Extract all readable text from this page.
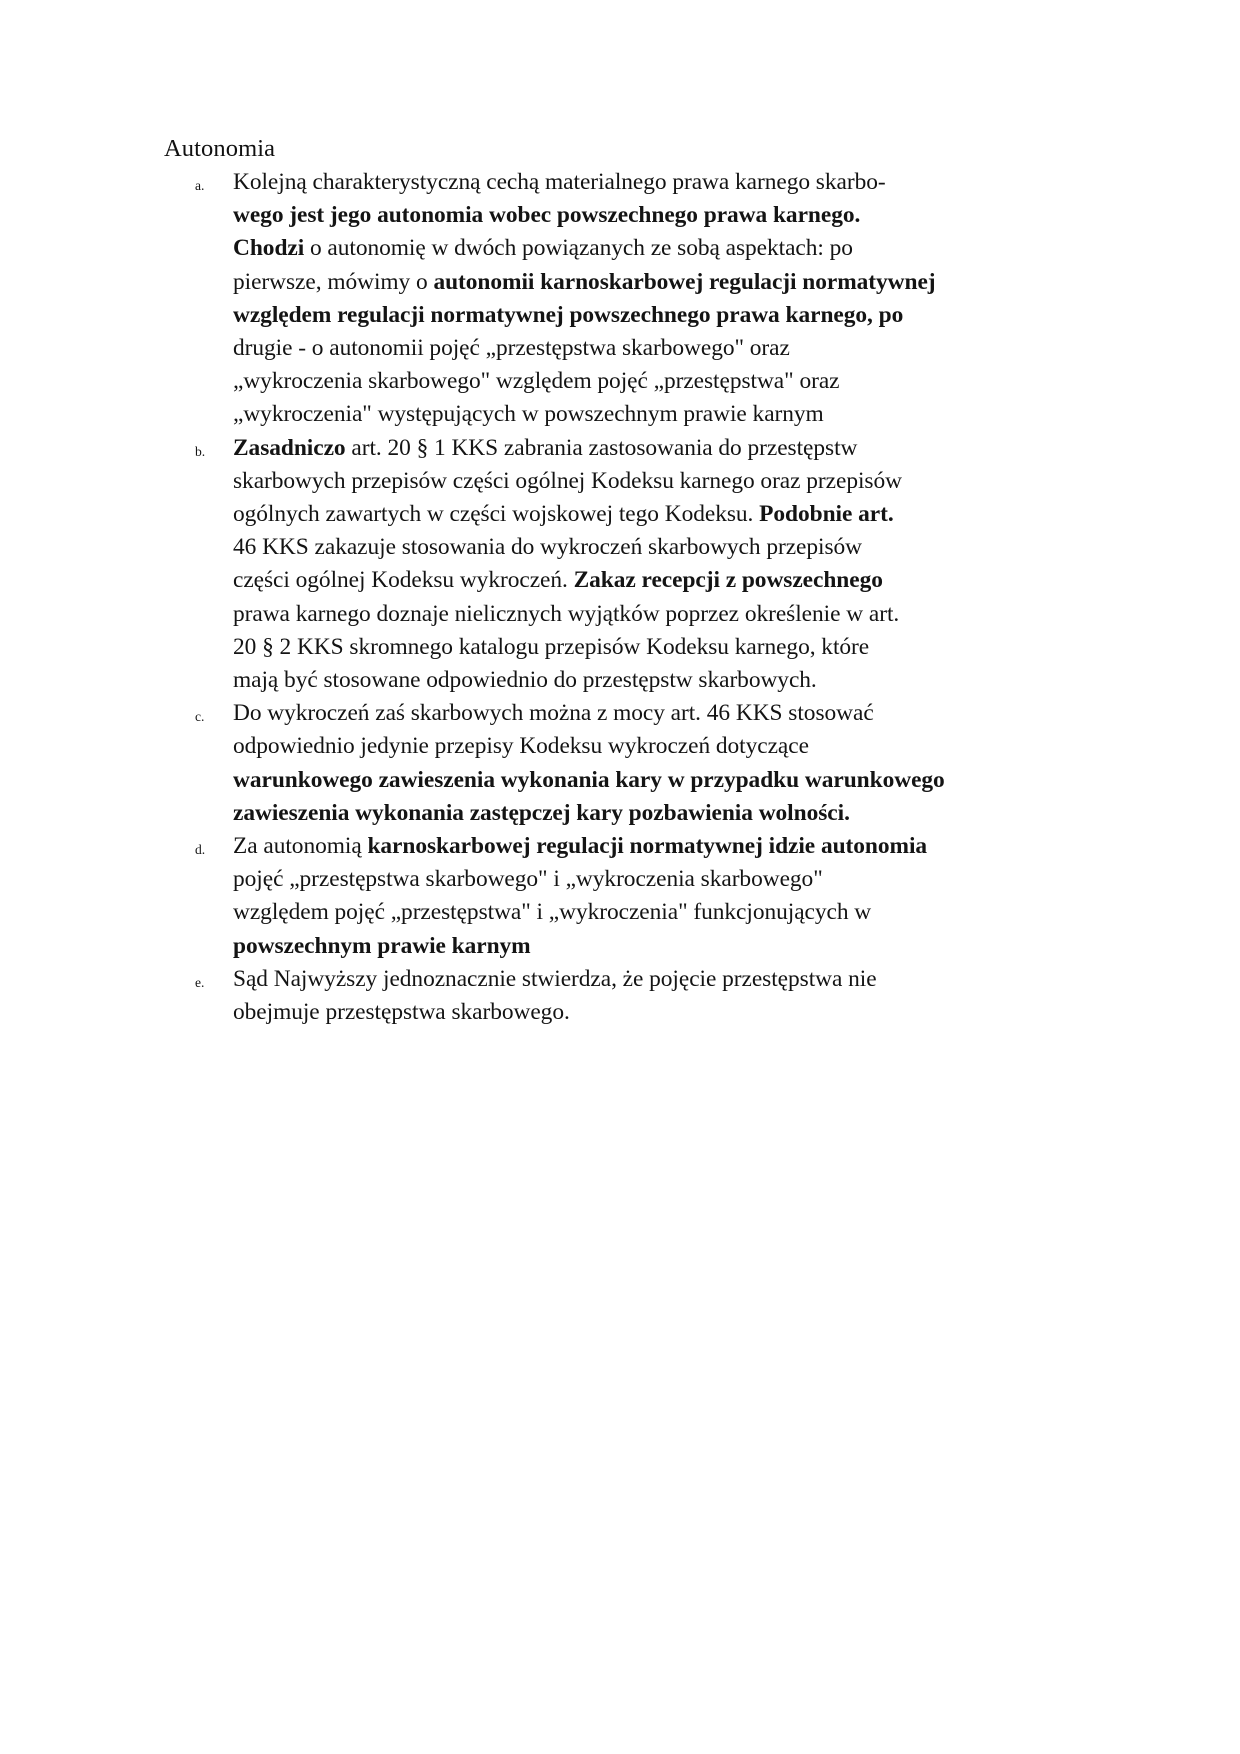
Autonomia
a.	Kolejną charakterystyczną cechą materialnego prawa karnego skarbo-
wego jest jego autonomia wobec powszechnego prawa karnego.
Chodzi o autonomię w dwóch powiązanych ze sobą aspektach: po
pierwsze, mówimy o autonomii karnoskarbowej regulacji normatywnej
względem regulacji normatywnej powszechnego prawa karnego, po
drugie - o autonomii pojęć „przestępstwa skarbowego" oraz
„wykroczenia skarbowego" względem pojęć „przestępstwa" oraz
„wykroczenia" występujących w powszechnym prawie karnym
b.	Zasadniczo art. 20 § 1 KKS zabrania zastosowania do przestępstw
skarbowych przepisów części ogólnej Kodeksu karnego oraz przepisów
ogólnych zawartych w części wojskowej tego Kodeksu. Podobnie art.
46 KKS zakazuje stosowania do wykroczeń skarbowych przepisów
części ogólnej Kodeksu wykroczeń. Zakaz recepcji z powszechnego
prawa karnego doznaje nielicznych wyjątków poprzez określenie w art.
20 § 2 KKS skromnego katalogu przepisów Kodeksu karnego, które
mają być stosowane odpowiednio do przestępstw skarbowych.
c.	Do wykroczeń zaś skarbowych można z mocy art. 46 KKS stosować
odpowiednio jedynie przepisy Kodeksu wykroczeń dotyczące
warunkowego zawieszenia wykonania kary w przypadku warunkowego
zawieszenia wykonania zastępczej kary pozbawienia wolności.
d.	Za autonomią karnoskarbowej regulacji normatywnej idzie autonomia
pojęć „przestępstwa skarbowego" i „wykroczenia skarbowego"
względem pojęć „przestępstwa" i „wykroczenia" funkcjonujących w
powszechnym prawie karnym
e.	Sąd Najwyższy jednoznacznie stwierdza, że pojęcie przestępstwa nie
obejmuje przestępstwa skarbowego.
